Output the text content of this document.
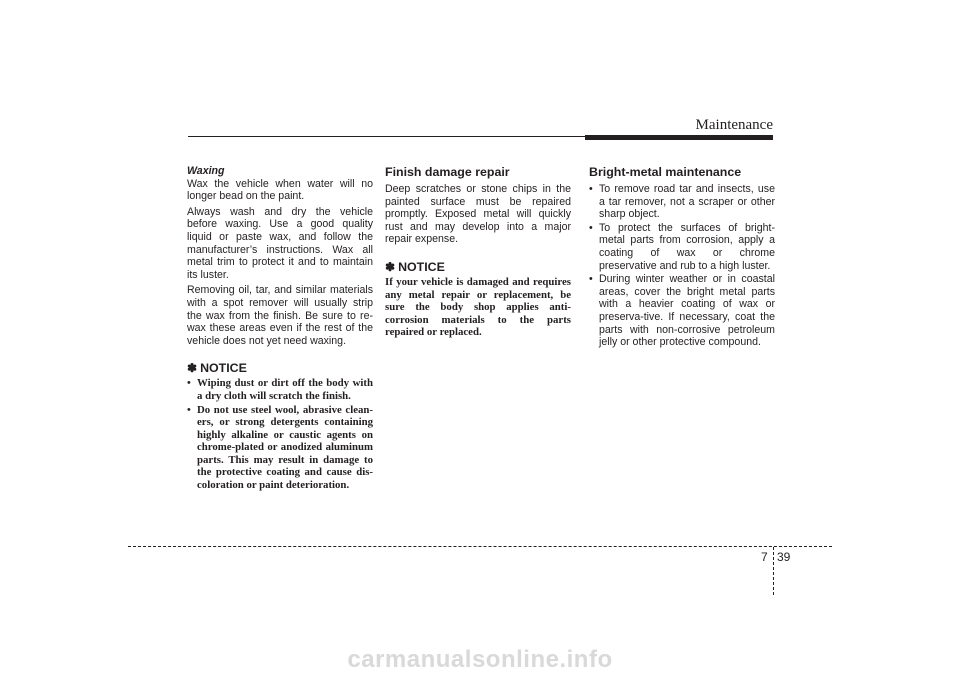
Maintenance

Waxing

Wax the vehicle when water will no longer bead on the paint.

Always wash and dry the vehicle before waxing. Use a good quality liquid or paste wax, and follow the manufacturer’s instructions. Wax all metal trim to protect it and to maintain its luster.

Removing oil, tar, and similar materials with a spot remover will usually strip the wax from the finish. Be sure to re-wax these areas even if the rest of the vehicle does not yet need waxing.

✽ NOTICE
• Wiping dust or dirt off the body with a dry cloth will scratch the finish.
• Do not use steel wool, abrasive clean-ers, or strong detergents containing highly alkaline or caustic agents on chrome-plated or anodized aluminum parts. This may result in damage to the protective coating and cause dis-coloration or paint deterioration.

Finish damage repair

Deep scratches or stone chips in the painted surface must be repaired promptly. Exposed metal will quickly rust and may develop into a major repair expense.

✽ NOTICE

If your vehicle is damaged and requires any metal repair or replacement, be sure the body shop applies anti-corrosion materials to the parts repaired or replaced.

Bright-metal maintenance

• To remove road tar and insects, use a tar remover, not a scraper or other sharp object.
• To protect the surfaces of bright-metal parts from corrosion, apply a coating of wax or chrome preservative and rub to a high luster.
• During winter weather or in coastal areas, cover the bright metal parts with a heavier coating of wax or preserva-tive. If necessary, coat the parts with non-corrosive petroleum jelly or other protective compound.
7 39
carmanualsonline.info
